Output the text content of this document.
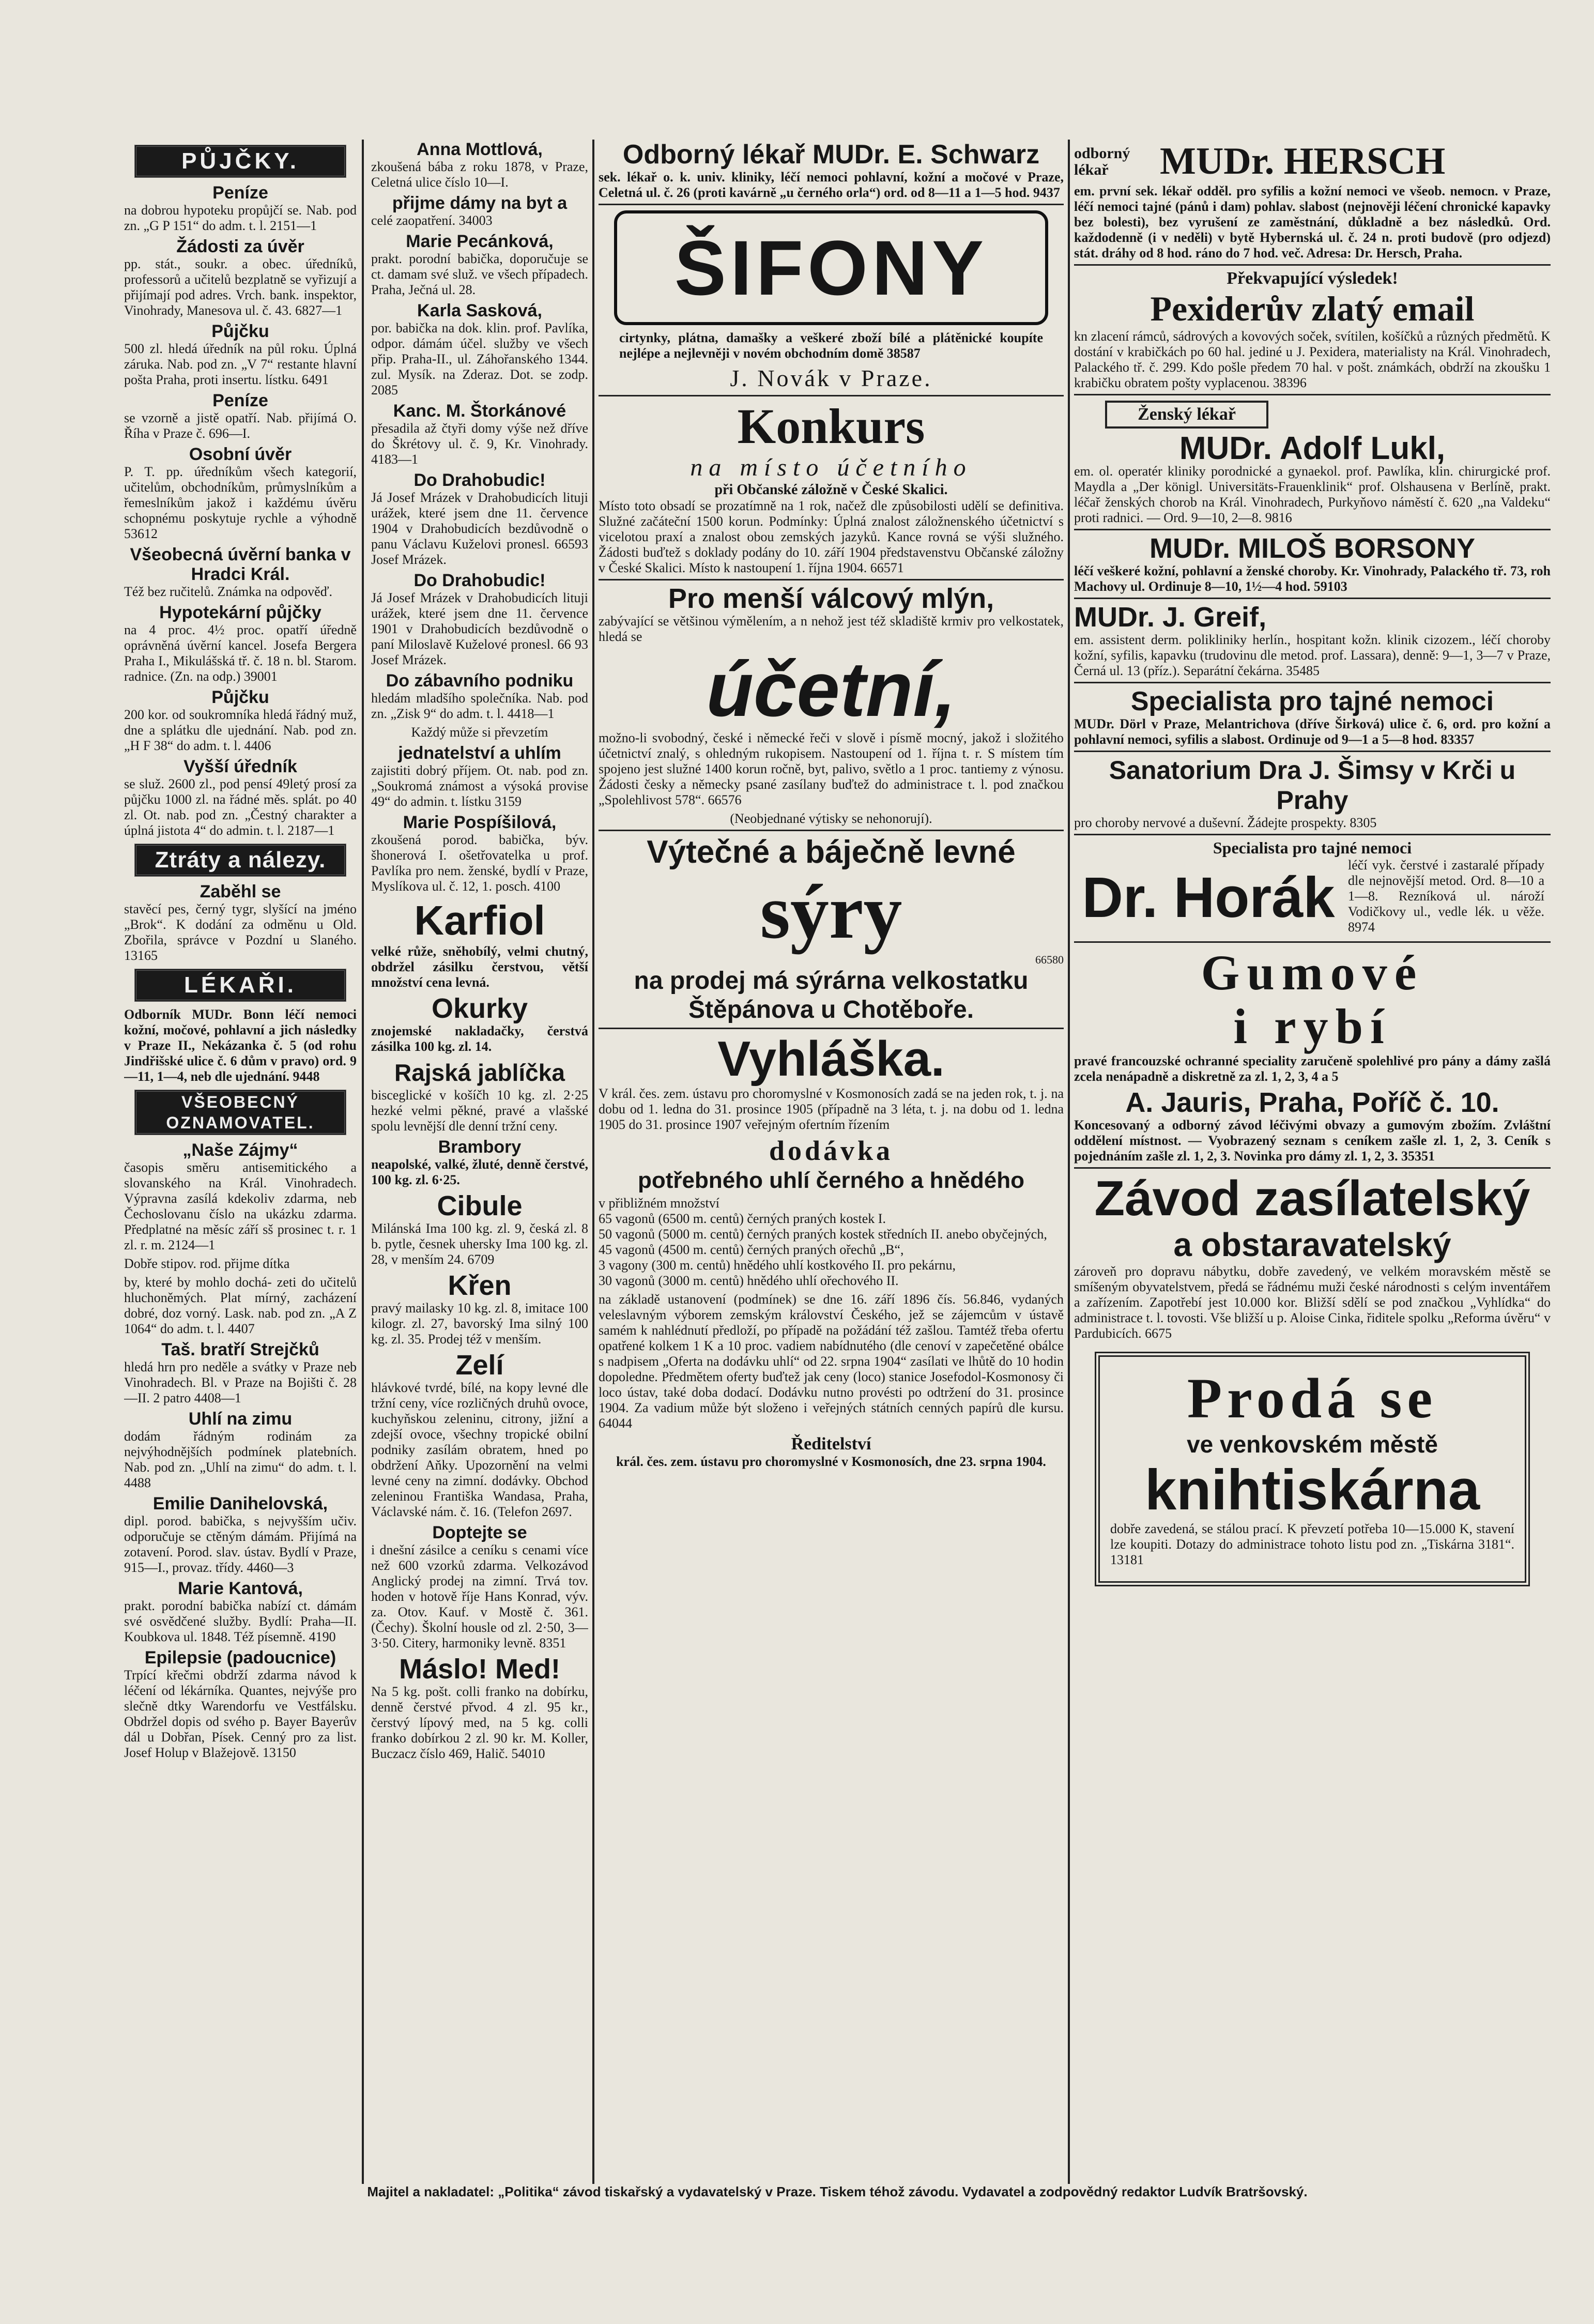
PŮJČKY.
Peníze
na dobrou hypoteku propůjčí se. Nab. pod zn. „G P 151“ do adm. t. l. 2151—1
Žádosti za úvěr
pp. stát., soukr. a obec. úředníků, professorů a učitelů bezplatně se vyřizují a přijímají pod adres. Vrch. bank. inspektor, Vinohrady, Manesova ul. č. 43. 6827—1
Půjčku
500 zl. hledá úředník na půl roku. Úplná záruka. Nab. pod zn. „V 7“ restante hlavní pošta Praha, proti insertu. lístku. 6491
Peníze
se vzorně a jistě opatří. Nab. přijímá O. Říha v Praze č. 696—I.
Osobní úvěr
P. T. pp. úředníkům všech kategorií, učitelům, obchodníkům, průmyslníkům a řemeslníkům jakož i každému úvěru schopnému poskytuje rychle a výhodně 53612
Všeobecná úvěrní banka v Hradci Král.
Též bez ručitelů. Známka na odpověď.
Hypotekární půjčky
na 4 proc. 4½ proc. opatří úředně oprávněná úvěrní kancel. Josefa Bergera Praha I., Mikulášská tř. č. 18 n. bl. Starom. radnice. (Zn. na odp.) 39001
Půjčku
200 kor. od soukromníka hledá řádný muž, dne a splátku dle ujednání. Nab. pod zn. „H F 38“ do adm. t. l. 4406
Vyšší úředník
se služ. 2600 zl., pod pensí 49letý prosí za půjčku 1000 zl. na řádné měs. splát. po 40 zl. Ot. nab. pod zn. „Čestný charakter a úplná jistota 4“ do admin. t. l. 2187—1
Ztráty a nálezy.
Zaběhl se
stavěcí pes, černý tygr, slyšící na jméno „Brok“. K dodání za odměnu u Old. Zbořila, správce v Pozdní u Slaného. 13165
LÉKAŘI.
Odborník MUDr. Bonn léčí nemoci kožní, močové, pohlavní a jich následky v Praze II., Nekázanka č. 5 (od rohu Jindřišské ulice č. 6 dům v pravo) ord. 9—11, 1—4, neb dle ujednání. 9448
VŠEOBECNÝ OZNAMOVATEL.
„Naše Zájmy“
časopis směru antisemitického a slovanského na Král. Vinohradech. Výpravna zasílá kdekoliv zdarma, neb Čechoslovanu číslo na ukázku zdarma. Předplatné na měsíc září sš prosinec t. r. 1 zl. r. m. 2124—1
Dobře stipov. rod. přijme dítka
by, které by mohlo dochá- zeti do učitelů hluchoněmých. Plat mírný, zacházení dobré, doz vorný. Lask. nab. pod zn. „A Z 1064“ do adm. t. l. 4407
Taš. bratří Strejčků
hledá hrn pro neděle a svátky v Praze neb Vinohradech. Bl. v Praze na Bojišti č. 28—II. 2 patro 4408—1
Uhlí na zimu
dodám řádným rodinám za nejvýhodnějších podmínek platebních. Nab. pod zn. „Uhlí na zimu“ do adm. t. l. 4488
Emilie Danihelovská,
dipl. porod. babička, s nejvyšším učiv. odporučuje se ctěným dámám. Přijímá na zotavení. Porod. slav. ústav. Bydlí v Praze, 915—I., provaz. třídy. 4460—3
Marie Kantová,
prakt. porodní babička nabízí ct. dámám své osvědčené služby. Bydlí: Praha—II. Koubkova ul. 1848. Též písemně. 4190
Epilepsie (padoucnice)
Trpící křečmi obdrží zdarma návod k léčení od lékárníka. Quantes, nejvýše pro slečně dtky Warendorfu ve Vestfálsku. Obdržel dopis od svého p. Bayer Bayerův dál u Dobřan, Písek. Cenný pro za list. Josef Holup v Blažejově. 13150
Anna Mottlová,
zkoušená bába z roku 1878, v Praze, Celetná ulice číslo 10—I.
přijme dámy na byt a
celé zaopatření. 34003
Marie Pecánková,
prakt. porodní babička, doporučuje se ct. damam své služ. ve všech případech. Praha, Ječná ul. 28.
Karla Sasková,
por. babička na dok. klin. prof. Pavlíka, odpor. dámám účel. služby ve všech přip. Praha-II., ul. Záhořanského 1344. zul. Mysík. na Zderaz. Dot. se zodp. 2085
Kanc. M. Štorkánové
přesadila až čtyři domy výše než dříve do Škrétovy ul. č. 9, Kr. Vinohrady. 4183—1
Do Drahobudic!
Já Josef Mrázek v Drahobudicích lituji urážek, které jsem dne 11. července 1904 v Drahobudicích bezdůvodně o panu Václavu Kuželovi pronesl. 66593 Josef Mrázek.
Do Drahobudic!
Já Josef Mrázek v Drahobudicích lituji urážek, které jsem dne 11. července 1901 v Drahobudicích bezdůvodně o paní Miloslavě Kuželové pronesl. 66 93 Josef Mrázek.
Do zábavního podniku
hledám mladšího společníka. Nab. pod zn. „Zisk 9“ do adm. t. l. 4418—1
Každý může si převzetím
jednatelství a uhlím
zajistiti dobrý příjem. Ot. nab. pod zn. „Soukromá známost a výsoká provise 49“ do admin. t. lístku 3159
Marie Pospíšilová,
zkoušená porod. babička, býv. šhonerová I. ošetřovatelka u prof. Pavlíka pro nem. ženské, bydlí v Praze, Myslíkova ul. č. 12, 1. posch. 4100
Karfiol
velké růže, sněhobílý, velmi chutný, obdržel zásilku čerstvou, větší množství cena levná.
Okurky
znojemské nakladačky, čerstvá zásilka 100 kg. zl. 14.
Rajská jablíčka
bisceglické v košíčh 10 kg. zl. 2·25 hezké velmi pěkné, pravé a vlašské spolu levnější dle denní tržní ceny.
Brambory
neapolské, valké, žluté, denně čerstvé, 100 kg. zl. 6·25.
Cibule
Milánská Ima 100 kg. zl. 9, česká zl. 8 b. pytle, česnek uhersky Ima 100 kg. zl. 28, v menším 24. 6709
Křen
pravý mailasky 10 kg. zl. 8, imitace 100 kilogr. zl. 27, bavorský Ima silný 100 kg. zl. 35. Prodej též v menším.
Zelí
hlávkové tvrdé, bílé, na kopy levné dle tržní ceny, více rozličných druhů ovoce, kuchyňskou zeleninu, citrony, jižní a zdejší ovoce, všechny tropické obilní podniky zasílám obratem, hned po obdržení Aňky. Upozornění na velmi levné ceny na zimní. dodávky. Obchod zeleninou Františka Wandasa, Praha, Václavské nám. č. 16. (Telefon 2697.
Doptejte se
i dnešní zásilce a ceníku s cenami více než 600 vzorků zdarma. Velkozávod Anglický prodej na zimní. Trvá tov. hoden v hotově říje Hans Konrad, výv. za. Otov. Kauf. v Mostě č. 361. (Čechy). Školní housle od zl. 2·50, 3— 3·50. Citery, harmoniky levně. 8351
Máslo! Med!
Na 5 kg. pošt. colli franko na dobírku, denně čerstvé přvod. 4 zl. 95 kr., čerstvý lípový med, na 5 kg. colli franko dobírkou 2 zl. 90 kr. M. Koller, Buczacz číslo 469, Halič. 54010
Odborný lékař MUDr. E. Schwarz
sek. lékař o. k. univ. kliniky, léčí nemoci pohlavní, kožní a močové v Praze, Celetná ul. č. 26 (proti kavárně „u černého orla“) ord. od 8—11 a 1—5 hod. 9437
ŠIFONY
cirtynky, plátna, damašky a veškeré zboží bílé a plátěnické koupíte nejlépe a nejlevněji v novém obchodním domě 38587
J. Novák v Praze.
Konkurs
na místo účetního
při Občanské záložně v České Skalici.
Místo toto obsadí se prozatímně na 1 rok, načež dle způsobilosti udělí se definitiva. Služné začáteční 1500 korun. Podmínky: Úplná znalost záložnenského účetnictví s vicelotou praxí a znalost obou zemských jazyků. Kance rovná se výši služného. Žádosti buďtež s doklady podány do 10. září 1904 představenstvu Občanské záložny v České Skalici. Místo k nastoupení 1. října 1904. 66571
Pro menší válcový mlýn,
zabývající se většinou výmělením, a n nehož jest též skladiště krmiv pro velkostatek, hledá se
účetní,
možno-li svobodný, české i německé řeči v slově i písmě mocný, jakož i složitého účetnictví znalý, s ohledným rukopisem. Nastoupení od 1. října t. r. S místem tím spojeno jest služné 1400 korun ročně, byt, palivo, světlo a 1 proc. tantiemy z výnosu. Žádosti česky a německy psané zasílany buďtež do administrace t. l. pod značkou „Spolehlivost 578“. 66576
(Neobjednané výtisky se nehonorují).
Výtečné a báječně levné
sýry
66580
na prodej má sýrárna velkostatku Štěpánova u Chotěboře.
Vyhláška.
V král. čes. zem. ústavu pro choromyslné v Kosmonosích zadá se na jeden rok, t. j. na dobu od 1. ledna do 31. prosince 1905 (případně na 3 léta, t. j. na dobu od 1. ledna 1905 do 31. prosince 1907 veřejným ofertním řízením
dodávka
potřebného uhlí černého a hnědého
v přibližném množství
65 vagonů (6500 m. centů) černých praných kostek I.
50 vagonů (5000 m. centů) černých praných kostek středních II. anebo obyčejných,
45 vagonů (4500 m. centů) černých praných ořechů „B“,
3 vagony (300 m. centů) hnědého uhlí kostkového II. pro pekárnu,
30 vagonů (3000 m. centů) hnědého uhlí ořechového II.
na základě ustanovení (podmínek) se dne 16. září 1896 čís. 56.846, vydaných veleslavným výborem zemským království Českého, jež se zájemcům v ústavě samém k nahlédnutí předloží, po případě na požádání též zašlou. Tamtéž třeba ofertu opatřené kolkem 1 K a 10 proc. vadiem nabídnutého (dle cenoví v zapečetěné obálce s nadpisem „Oferta na dodávku uhlí“ od 22. srpna 1904“ zasílati ve lhůtě do 10 hodin dopoledne. Předmětem oferty buďtež jak ceny (loco) stanice Josefodol-Kosmonosy či loco ústav, také doba dodací. Dodávku nutno provésti po odtržení do 31. prosince 1904. Za vadium může být složeno i veřejných státních cenných papírů dle kursu. 64044
Ředitelství
král. čes. zem. ústavu pro choromyslné v Kosmonosích, dne 23. srpna 1904.
odborný lékař	MUDr. HERSCH
em. první sek. lékař odděl. pro syfilis a kožní nemoci ve všeob. nemocn. v Praze, léčí nemoci tajné (pánů i dam) pohlav. slabost (nejnověji léčení chronické kapavky bez bolesti), bez vyrušení ze zaměstnání, důkladně a bez následků. Ord. každodenně (i v neděli) v bytě Hybernská ul. č. 24 n. proti budově (pro odjezd) stát. dráhy od 8 hod. ráno do 7 hod. več. Adresa: Dr. Hersch, Praha.
Překvapující výsledek!
Pexiderův zlatý email
kn zlacení rámců, sádrových a kovových soček, svítilen, košíčků a různých předmětů. K dostání v krabičkách po 60 hal. jediné u J. Pexidera, materialisty na Král. Vinohradech, Palackého tř. č. 299. Kdo pošle předem 70 hal. v pošt. známkách, obdrží na zkoušku 1 krabičku obratem pošty vyplacenou. 38396
Ženský lékař
MUDr. Adolf Lukl,
em. ol. operatér kliniky porodnické a gynaekol. prof. Pawlíka, klin. chirurgické prof. Maydla a „Der königl. Universitäts-Frauenklinik“ prof. Olshausena v Berlíně, prakt. léčař ženských chorob na Král. Vinohradech, Purkyňovo náměstí č. 620 „na Valdeku“ proti radnici. — Ord. 9—10, 2—8. 9816
MUDr. MILOŠ BORSONY
léčí veškeré kožní, pohlavní a ženské choroby. Kr. Vinohrady, Palackého tř. 73, roh Machovy ul. Ordinuje 8—10, 1½—4 hod. 59103
MUDr. J. Greif,
em. assistent derm. polikliniky herlín., hospitant kožn. klinik cizozem., léčí choroby kožní, syfilis, kapavku (trudovinu dle metod. prof. Lassara), denně: 9—1, 3—7 v Praze, Černá ul. 13 (příz.). Separátní čekárna. 35485
Specialista pro tajné nemoci
MUDr. Dörl v Praze, Melantrichova (dříve Širková) ulice č. 6, ord. pro kožní a pohlavní nemoci, syfilis a slabost. Ordinuje od 9—1 a 5—8 hod. 83357
Sanatorium Dra J. Šimsy v Krči u Prahy
pro choroby nervové a duševní. Žádejte prospekty. 8305
Specialista pro tajné nemoci
Dr. Horák
léčí vyk. čerstvé i zastaralé případy dle nejnovější metod. Ord. 8—10 a 1—8. Rezníková ul. nároží Vodičkovy ul., vedle lék. u věže. 8974
Gumové
i rybí
pravé francouzské ochranné speciality zaručeně spolehlivé pro pány a dámy zašlá zcela nenápadně a diskretně za zl. 1, 2, 3, 4 a 5
A. Jauris, Praha, Poříč č. 10.
Koncesovaný a odborný závod léčivými obvazy a gumovým zbožím. Zvláštní oddělení místnost. — Vyobrazený seznam s ceníkem zašle zl. 1, 2, 3. Ceník s pojednáním zašle zl. 1, 2, 3. Novinka pro dámy zl. 1, 2, 3. 35351
Závod zasílatelský
a obstaravatelský
zároveň pro dopravu nábytku, dobře zavedený, ve velkém moravském městě se smíšeným obyvatelstvem, předá se řádnému muži české národnosti s celým inventářem a zařízením. Zapotřebí jest 10.000 kor. Bližší sdělí se pod značkou „Vyhlídka“ do administrace t. l. tovosti. Vše bližší u p. Aloise Cinka, řiditele spolku „Reforma úvěru“ v Pardubicích. 6675
Prodá se
ve venkovském městě
knihtiskárna
dobře zavedená, se stálou prací. K převzetí potřeba 10—15.000 K, stavení lze koupiti. Dotazy do administrace tohoto listu pod zn. „Tiskárna 3181“. 13181
Majitel a nakladatel: „Politika“ závod tiskařský a vydavatelský v Praze. Tiskem téhož závodu. Vydavatel a zodpovědný redaktor Ludvík Bratršovský.
